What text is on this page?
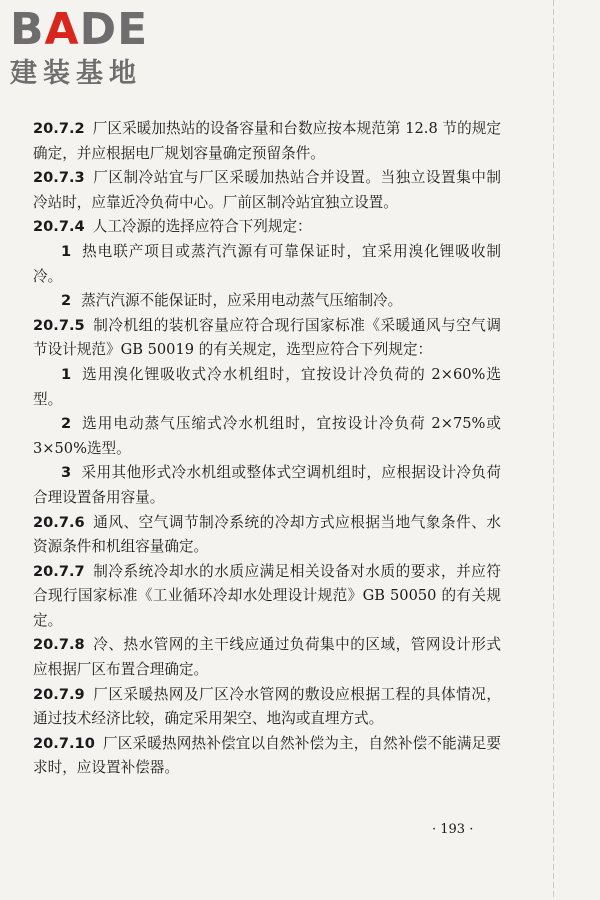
B A DE
建装基地

20.7.2 厂区采暖加热站的设备容量和台数应按本规范第 12.8 节的规定确定，并应根据电厂规划容量确定预留条件。

20.7.3 厂区制冷站宜与厂区采暖加热站合并设置。当独立设置集中制冷站时，应靠近冷负荷中心。厂前区制冷站宜独立设置。

20.7.4 人工冷源的选择应符合下列规定：

1 热电联产项目或蒸汽汽源有可靠保证时，宜采用溴化锂吸收制冷。

2 蒸汽汽源不能保证时，应采用电动蒸气压缩制冷。

20.7.5 制冷机组的装机容量应符合现行国家标准《采暖通风与空气调节设计规范》GB 50019 的有关规定，选型应符合下列规定：

1 选用溴化锂吸收式冷水机组时，宜按设计冷负荷的 2×60%选型。

2 选用电动蒸气压缩式冷水机组时，宜按设计冷负荷 2×75%或 3×50%选型。

3 采用其他形式冷水机组或整体式空调机组时，应根据设计冷负荷合理设置备用容量。

20.7.6 通风、空气调节制冷系统的冷却方式应根据当地气象条件、水资源条件和机组容量确定。

20.7.7 制冷系统冷却水的水质应满足相关设备对水质的要求，并应符合现行国家标准《工业循环冷却水处理设计规范》GB 50050 的有关规定。

20.7.8 冷、热水管网的主干线应通过负荷集中的区域，管网设计形式应根据厂区布置合理确定。

20.7.9 厂区采暖热网及厂区冷水管网的敷设应根据工程的具体情况，通过技术经济比较，确定采用架空、地沟或直埋方式。

20.7.10 厂区采暖热网热补偿宜以自然补偿为主，自然补偿不能满足要求时，应设置补偿器。

· 193 ·
